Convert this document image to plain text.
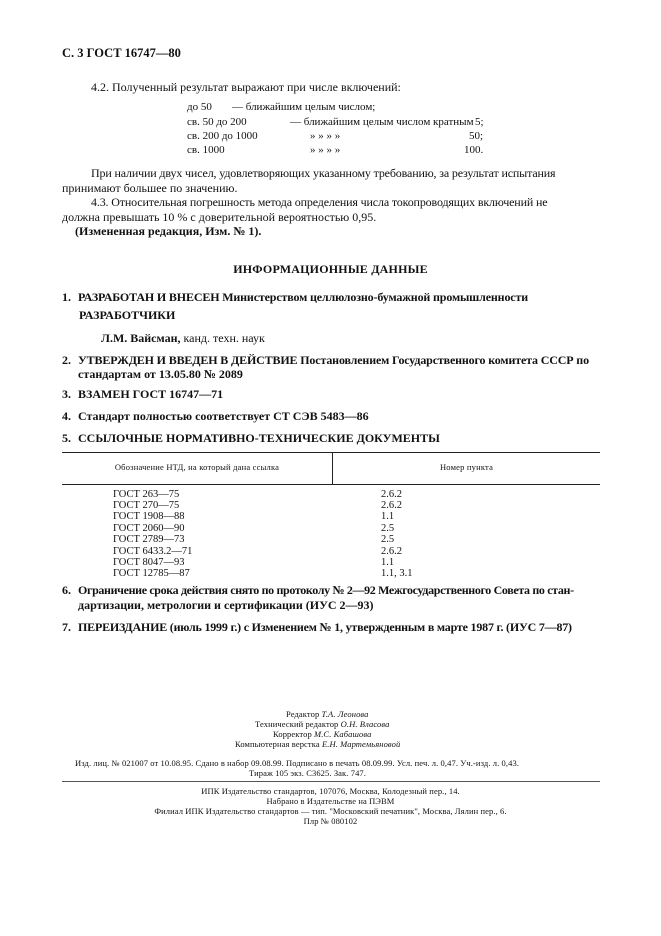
С. 3 ГОСТ 16747—80
4.2. Полученный результат выражают при числе включений:
до 50 — ближайшим целым числом;
св. 50 до 200	— ближайшим целым числом кратным 5;
св. 200 до 1000	» » » »	50;
св. 1000	» » » »	100.
При наличии двух чисел, удовлетворяющих указанному требованию, за результат испытания
принимают большее по значению.
4.3. Относительная погрешность метода определения числа токопроводящих включений не
должна превышать 10 % с доверительной вероятностью 0,95.
(Измененная редакция, Изм. № 1).
ИНФОРМАЦИОННЫЕ ДАННЫЕ
1. РАЗРАБОТАН И ВНЕСЕН Министерством целлюлозно-бумажной промышленности
РАЗРАБОТЧИКИ
Л.М. Вайсман, канд. техн. наук
2. УТВЕРЖДЕН И ВВЕДЕН В ДЕЙСТВИЕ Постановлением Государственного комитета СССР по
стандартам от 13.05.80 № 2089
3. ВЗАМЕН ГОСТ 16747—71
4. Стандарт полностью соответствует СТ СЭВ 5483—86
5. ССЫЛОЧНЫЕ НОРМАТИВНО-ТЕХНИЧЕСКИЕ ДОКУМЕНТЫ
Обозначение НТД, на который дана ссылка	Номер пункта
ГОСТ 263—75	2.6.2
ГОСТ 270—75	2.6.2
ГОСТ 1908—88	1.1
ГОСТ 2060—90	2.5
ГОСТ 2789—73	2.5
ГОСТ 6433.2—71	2.6.2
ГОСТ 8047—93	1.1
ГОСТ 12785—87	1.1, 3.1
6. Ограничение срока действия снято по протоколу № 2—92 Межгосударственного Совета по стан-
дартизации, метрологии и сертификации (ИУС 2—93)
7. ПЕРЕИЗДАНИЕ (июль 1999 г.) с Изменением № 1, утвержденным в марте 1987 г. (ИУС 7—87)
Редактор Т.А. Леонова
Технический редактор О.Н. Власова
Корректор М.С. Кабашова
Компьютерная верстка Е.Н. Мартемьяновой
Изд. лиц. № 021007 от 10.08.95. Сдано в набор 09.08.99. Подписано в печать 08.09.99. Усл. печ. л. 0,47. Уч.-изд. л. 0,43.
Тираж 105 экз. С3625. Зак. 747.
ИПК Издательство стандартов, 107076, Москва, Колодезный пер., 14.
Набрано в Издательстве на ПЭВМ
Филиал ИПК Издательство стандартов — тип. "Московский печатник", Москва, Лялин пер., 6.
Плр № 080102
